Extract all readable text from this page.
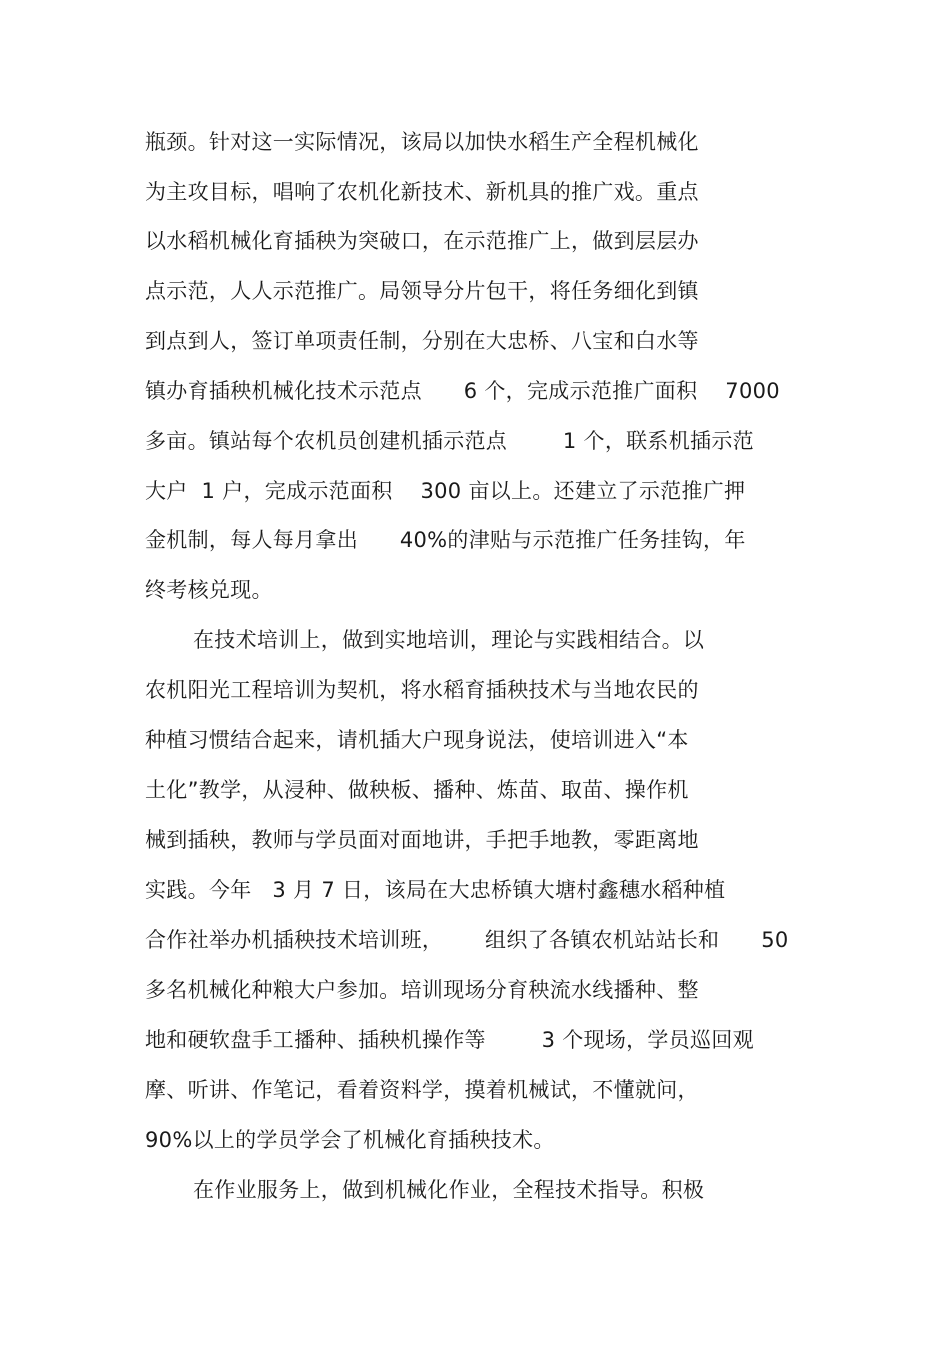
瓶颈。针对这一实际情况，该局以加快水稻生产全程机械化
为主攻目标，唱响了农机化新技术、新机具的推广戏。重点
以水稻机械化育插秧为突破口，在示范推广上，做到层层办
点示范，人人示范推广。局领导分片包干，将任务细化到镇
到点到人，签订单项责任制，分别在大忠桥、八宝和白水等
镇办育插秧机械化技术示范点      6 个，完成示范推广面积    7000
多亩。镇站每个农机员创建机插示范点        1 个，联系机插示范
大户  1 户，完成示范面积    300 亩以上。还建立了示范推广押
金机制，每人每月拿出      40%的津贴与示范推广任务挂钩，年
终考核兑现。
在技术培训上，做到实地培训，理论与实践相结合。以
农机阳光工程培训为契机，将水稻育插秧技术与当地农民的
种植习惯结合起来，请机插大户现身说法，使培训进入“本
土化”教学，从浸种、做秧板、播种、炼苗、取苗、操作机
械到插秧，教师与学员面对面地讲，手把手地教，零距离地
实践。今年   3 月 7 日，该局在大忠桥镇大塘村鑫穗水稻种植
合作社举办机插秧技术培训班，      组织了各镇农机站站长和      50
多名机械化种粮大户参加。培训现场分育秧流水线播种、整
地和硬软盘手工播种、插秧机操作等        3 个现场，学员巡回观
摩、听讲、作笔记，看着资料学，摸着机械试，不懂就问，
90%以上的学员学会了机械化育插秧技术。
在作业服务上，做到机械化作业，全程技术指导。积极
